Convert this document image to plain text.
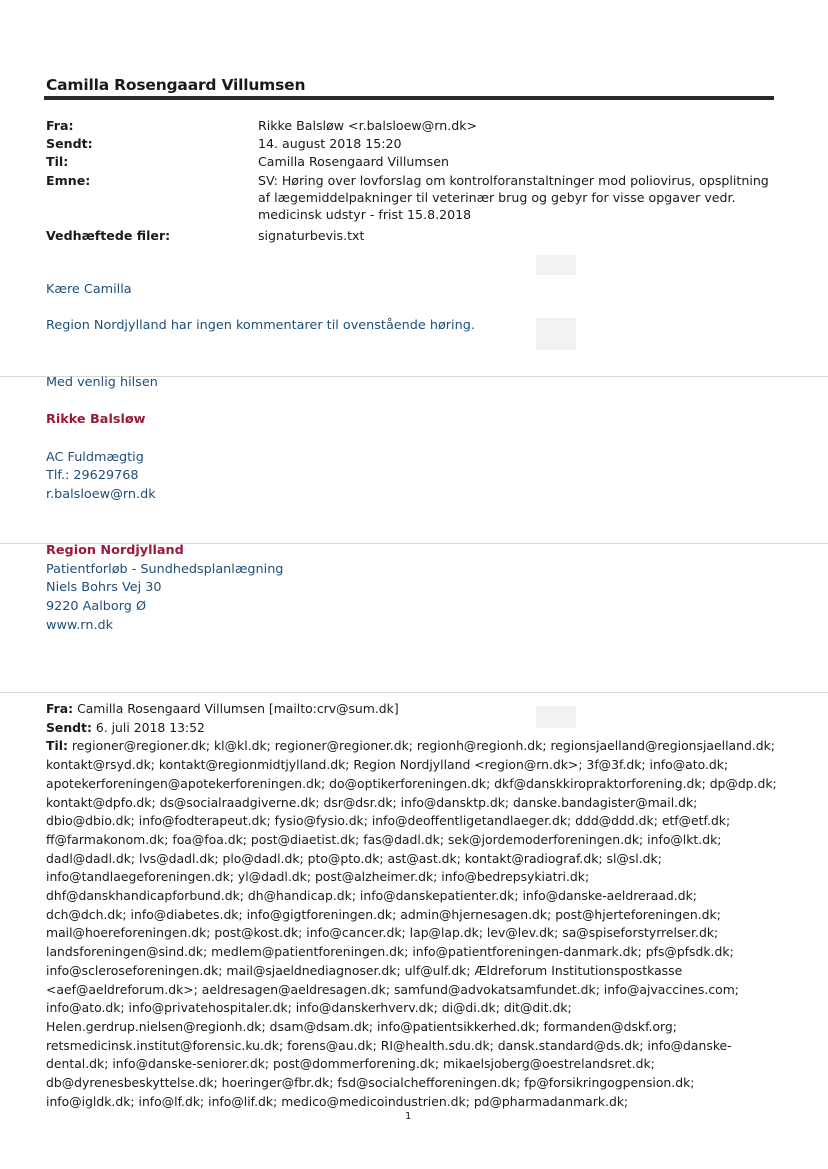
Camilla Rosengaard Villumsen
Fra:	Rikke Balsløw <r.balsloew@rn.dk>
Sendt:	14. august 2018 15:20
Til:	Camilla Rosengaard Villumsen
Emne:	SV: Høring over lovforslag om kontrolforanstaltninger mod poliovirus, opsplitning af lægemiddelpakninger til veterinær brug og gebyr for visse opgaver vedr. medicinsk udstyr - frist 15.8.2018
Vedhæftede filer:	signaturbevis.txt
Kære Camilla
Region Nordjylland har ingen kommentarer til ovenstående høring.
Med venlig hilsen
Rikke Balsløw
AC Fuldmægtig
Tlf.: 29629768
r.balsloew@rn.dk
Region Nordjylland
Patientforløb - Sundhedsplanlægning
Niels Bohrs Vej 30
9220 Aalborg Ø
www.rn.dk
Fra: Camilla Rosengaard Villumsen [mailto:crv@sum.dk]
Sendt: 6. juli 2018 13:52
Til: regioner@regioner.dk; kl@kl.dk; regioner@regioner.dk; regionh@regionh.dk; regionsjaelland@regionsjaelland.dk; kontakt@rsyd.dk; kontakt@regionmidtjylland.dk; Region Nordjylland <region@rn.dk>; 3f@3f.dk; info@ato.dk; apotekerforeningen@apotekerforeningen.dk; do@optikerforeningen.dk; dkf@danskkiropraktorforening.dk; dp@dp.dk; kontakt@dpfo.dk; ds@socialraadgiverne.dk; dsr@dsr.dk; info@dansktp.dk; danske.bandagister@mail.dk; dbio@dbio.dk; info@fodterapeut.dk; fysio@fysio.dk; info@deoffentligetandlaeger.dk; ddd@ddd.dk; etf@etf.dk; ff@farmakonom.dk; foa@foa.dk; post@diaetist.dk; fas@dadl.dk; sek@jordemoderforeningen.dk; info@lkt.dk; dadl@dadl.dk; lvs@dadl.dk; plo@dadl.dk; pto@pto.dk; ast@ast.dk; kontakt@radiograf.dk; sl@sl.dk; info@tandlaegeforeningen.dk; yl@dadl.dk; post@alzheimer.dk; info@bedrepsykiatri.dk; dhf@danskhandicapforbund.dk; dh@handicap.dk; info@danskepatienter.dk; info@danske-aeldreraad.dk; dch@dch.dk; info@diabetes.dk; info@gigtforeningen.dk; admin@hjernesagen.dk; post@hjerteforeningen.dk; mail@hoereforeningen.dk; post@kost.dk; info@cancer.dk; lap@lap.dk; lev@lev.dk; sa@spiseforstyrrelser.dk; landsforeningen@sind.dk; medlem@patientforeningen.dk; info@patientforeningen-danmark.dk; pfs@pfsdk.dk; info@scleroseforeningen.dk; mail@sjaeldnediagnoser.dk; ulf@ulf.dk; Ældreforum Institutionspostkasse <aef@aeldreforum.dk>; aeldresagen@aeldresagen.dk; samfund@advokatsamfundet.dk; info@ajvaccines.com; info@ato.dk; info@privatehospitaler.dk; info@danskerhverv.dk; di@di.dk; dit@dit.dk; Helen.gerdrup.nielsen@regionh.dk; dsam@dsam.dk; info@patientsikkerhed.dk; formanden@dskf.org; retsmedicinsk.institut@forensic.ku.dk; forens@au.dk; RI@health.sdu.dk; dansk.standard@ds.dk; info@danske-dental.dk; info@danske-seniorer.dk; post@dommerforening.dk; mikaelsjoberg@oestrelandsret.dk; db@dyrenesbeskyttelse.dk; hoeringer@fbr.dk; fsd@socialchefforeningen.dk; fp@forsikringogpension.dk; info@igldk.dk; info@lf.dk; info@lif.dk; medico@medicoindustrien.dk; pd@pharmadanmark.dk;
1
